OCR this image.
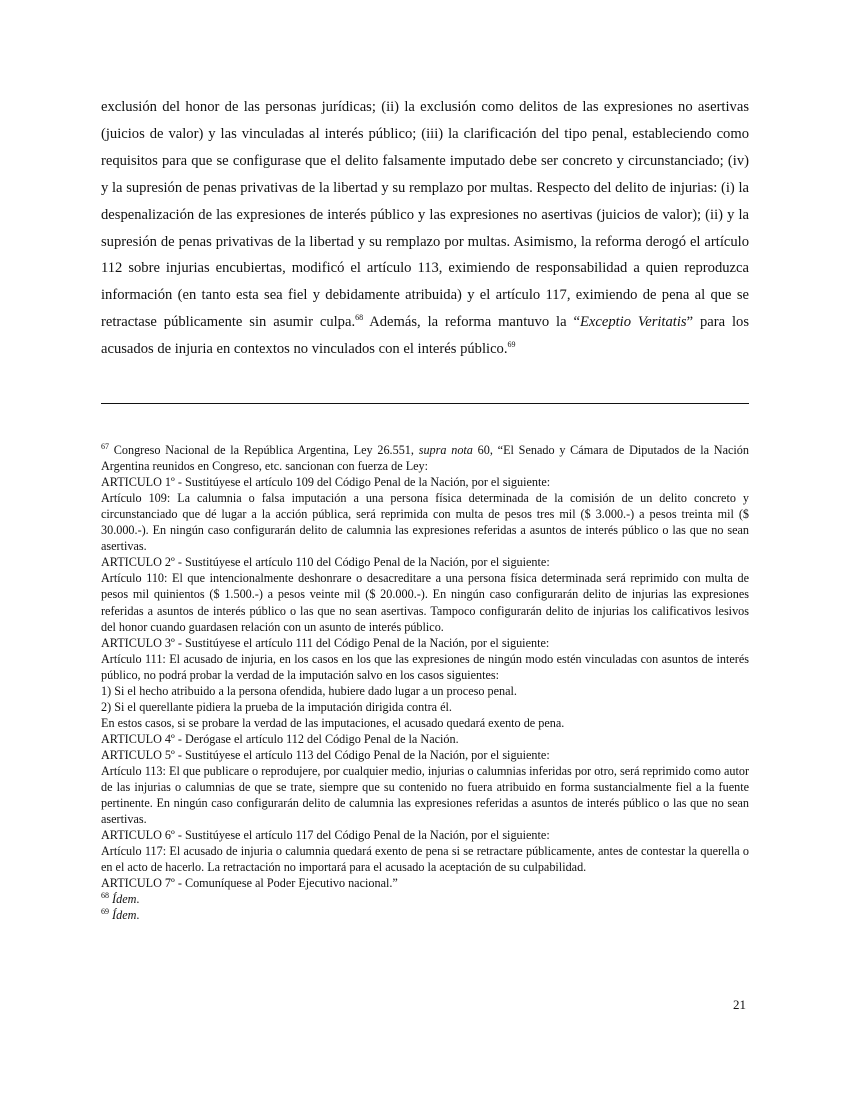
exclusión del honor de las personas jurídicas; (ii) la exclusión como delitos de las expresiones no asertivas (juicios de valor) y las vinculadas al interés público; (iii) la clarificación del tipo penal, estableciendo como requisitos para que se configurase que el delito falsamente imputado debe ser concreto y circunstanciado; (iv) y la supresión de penas privativas de la libertad y su remplazo por multas. Respecto del delito de injurias: (i) la despenalización de las expresiones de interés público y las expresiones no asertivas (juicios de valor); (ii) y la supresión de penas privativas de la libertad y su remplazo por multas. Asimismo, la reforma derogó el artículo 112 sobre injurias encubiertas, modificó el artículo 113, eximiendo de responsabilidad a quien reproduzca información (en tanto esta sea fiel y debidamente atribuida) y el artículo 117, eximiendo de pena al que se retractase públicamente sin asumir culpa.$^{68}$ Además, la reforma mantuvo la “Exceptio Veritatis” para los acusados de injuria en contextos no vinculados con el interés público.$^{69}$

$^{67}$ Congreso Nacional de la República Argentina, Ley 26.551, supra nota 60, “El Senado y Cámara de Diputados de la Nación Argentina reunidos en Congreso, etc. sancionan con fuerza de Ley:
ARTICULO 1º - Sustitúyese el artículo 109 del Código Penal de la Nación, por el siguiente:
Artículo 109: La calumnia o falsa imputación a una persona física determinada de la comisión de un delito concreto y circunstanciado que dé lugar a la acción pública, será reprimida con multa de pesos tres mil ($ 3.000.-) a pesos treinta mil ($ 30.000.-). En ningún caso configurarán delito de calumnia las expresiones referidas a asuntos de interés público o las que no sean asertivas.
ARTICULO 2º - Sustitúyese el artículo 110 del Código Penal de la Nación, por el siguiente:
Artículo 110: El que intencionalmente deshonrare o desacreditare a una persona física determinada será reprimido con multa de pesos mil quinientos ($ 1.500.-) a pesos veinte mil ($ 20.000.-). En ningún caso configurarán delito de injurias las expresiones referidas a asuntos de interés público o las que no sean asertivas. Tampoco configurarán delito de injurias los calificativos lesivos del honor cuando guardasen relación con un asunto de interés público.
ARTICULO 3º - Sustitúyese el artículo 111 del Código Penal de la Nación, por el siguiente:
Artículo 111: El acusado de injuria, en los casos en los que las expresiones de ningún modo estén vinculadas con asuntos de interés público, no podrá probar la verdad de la imputación salvo en los casos siguientes:
1) Si el hecho atribuido a la persona ofendida, hubiere dado lugar a un proceso penal.
2) Si el querellante pidiera la prueba de la imputación dirigida contra él.
En estos casos, si se probare la verdad de las imputaciones, el acusado quedará exento de pena.
ARTICULO 4º - Derógase el artículo 112 del Código Penal de la Nación.
ARTICULO 5º - Sustitúyese el artículo 113 del Código Penal de la Nación, por el siguiente:
Artículo 113: El que publicare o reprodujere, por cualquier medio, injurias o calumnias inferidas por otro, será reprimido como autor de las injurias o calumnias de que se trate, siempre que su contenido no fuera atribuido en forma sustancialmente fiel a la fuente pertinente. En ningún caso configurarán delito de calumnia las expresiones referidas a asuntos de interés público o las que no sean asertivas.
ARTICULO 6º - Sustitúyese el artículo 117 del Código Penal de la Nación, por el siguiente:
Artículo 117: El acusado de injuria o calumnia quedará exento de pena si se retractare públicamente, antes de contestar la querella o en el acto de hacerlo. La retractación no importará para el acusado la aceptación de su culpabilidad.
ARTICULO 7º - Comuníquese al Poder Ejecutivo nacional.”
$^{68}$ Ídem.
$^{69}$ Ídem.
21
